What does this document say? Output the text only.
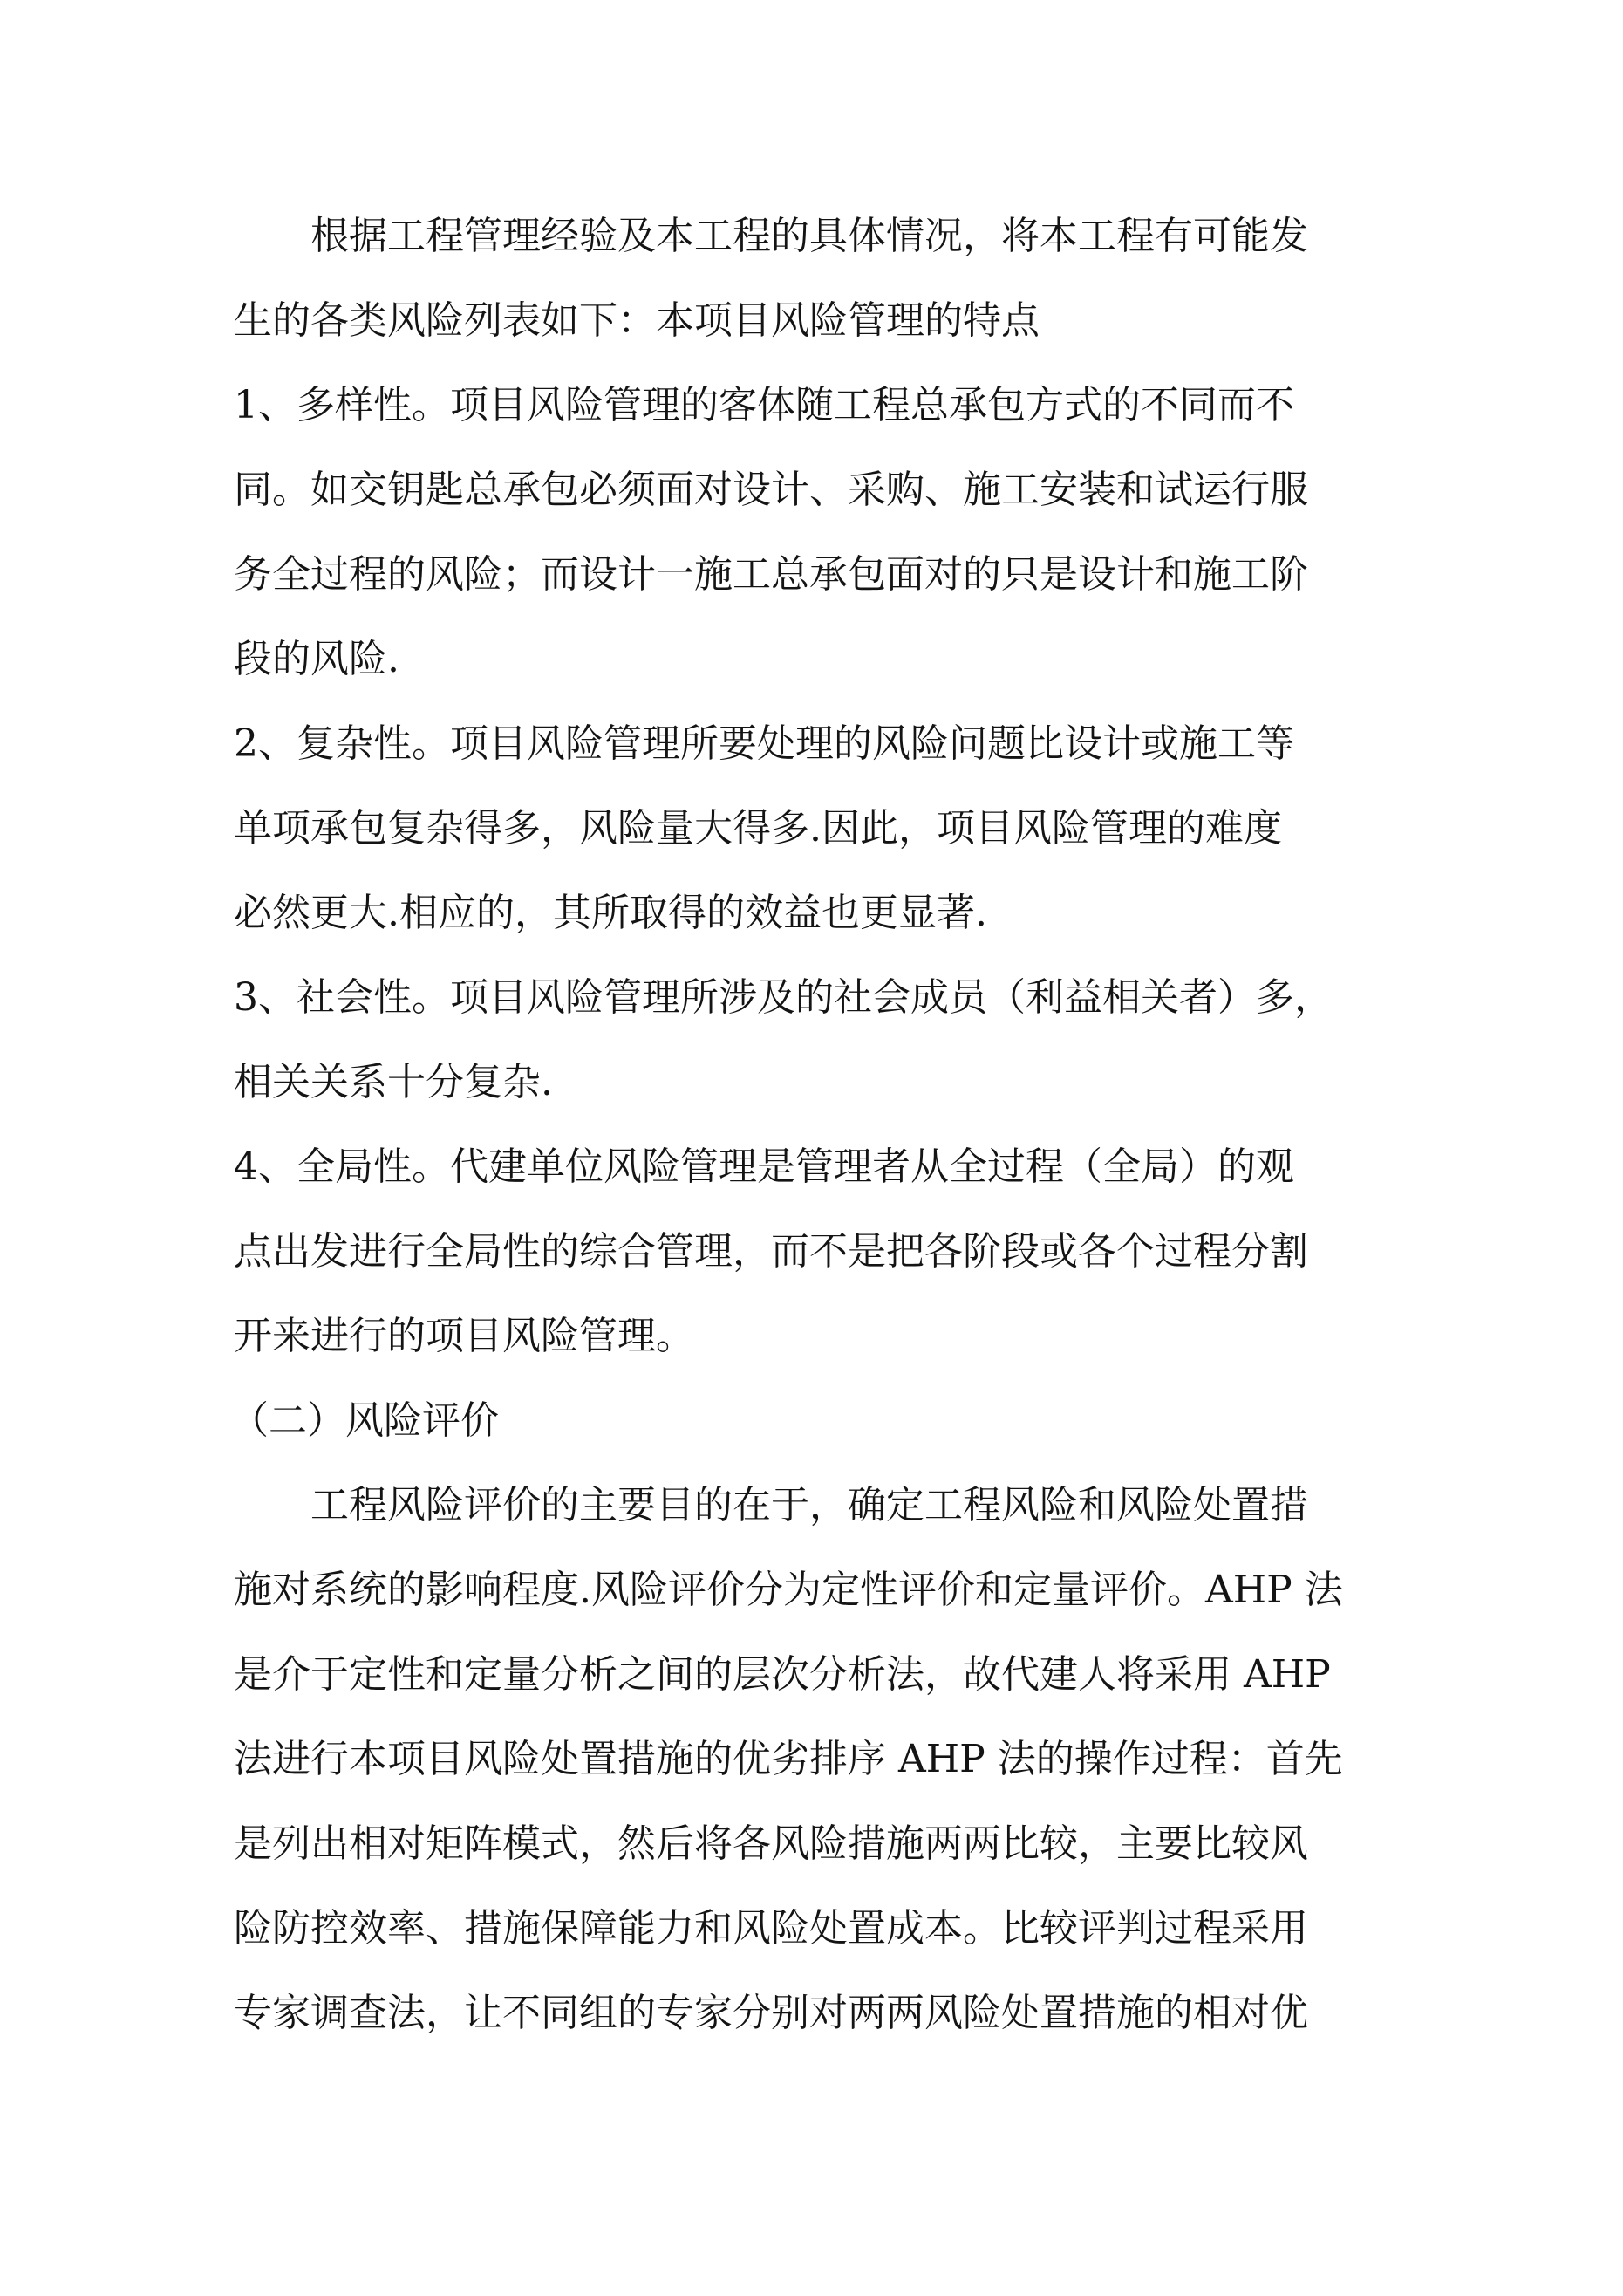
根据工程管理经验及本工程的具体情况，将本工程有可能发
生的各类风险列表如下：本项目风险管理的特点
1、多样性。项目风险管理的客体随工程总承包方式的不同而不
同。如交钥匙总承包必须面对设计、采购、施工安装和试运行服
务全过程的风险；而设计一施工总承包面对的只是设计和施工阶
段的风险.
2、复杂性。项目风险管理所要处理的风险问题比设计或施工等
单项承包复杂得多，风险量大得多.因此，项目风险管理的难度
必然更大.相应的，其所取得的效益也更显著.
3、社会性。项目风险管理所涉及的社会成员（利益相关者）多，
相关关系十分复杂.
4、全局性。代建单位风险管理是管理者从全过程（全局）的观
点出发进行全局性的综合管理，而不是把各阶段或各个过程分割
开来进行的项目风险管理。
（二）风险评价
工程风险评价的主要目的在于，确定工程风险和风险处置措
施对系统的影响程度.风险评价分为定性评价和定量评价。AHP 法
是介于定性和定量分析之间的层次分析法，故代建人将采用 AHP
法进行本项目风险处置措施的优劣排序 AHP 法的操作过程：首先
是列出相对矩阵模式，然后将各风险措施两两比较，主要比较风
险防控效率、措施保障能力和风险处置成本。比较评判过程采用
专家调查法，让不同组的专家分别对两两风险处置措施的相对优
